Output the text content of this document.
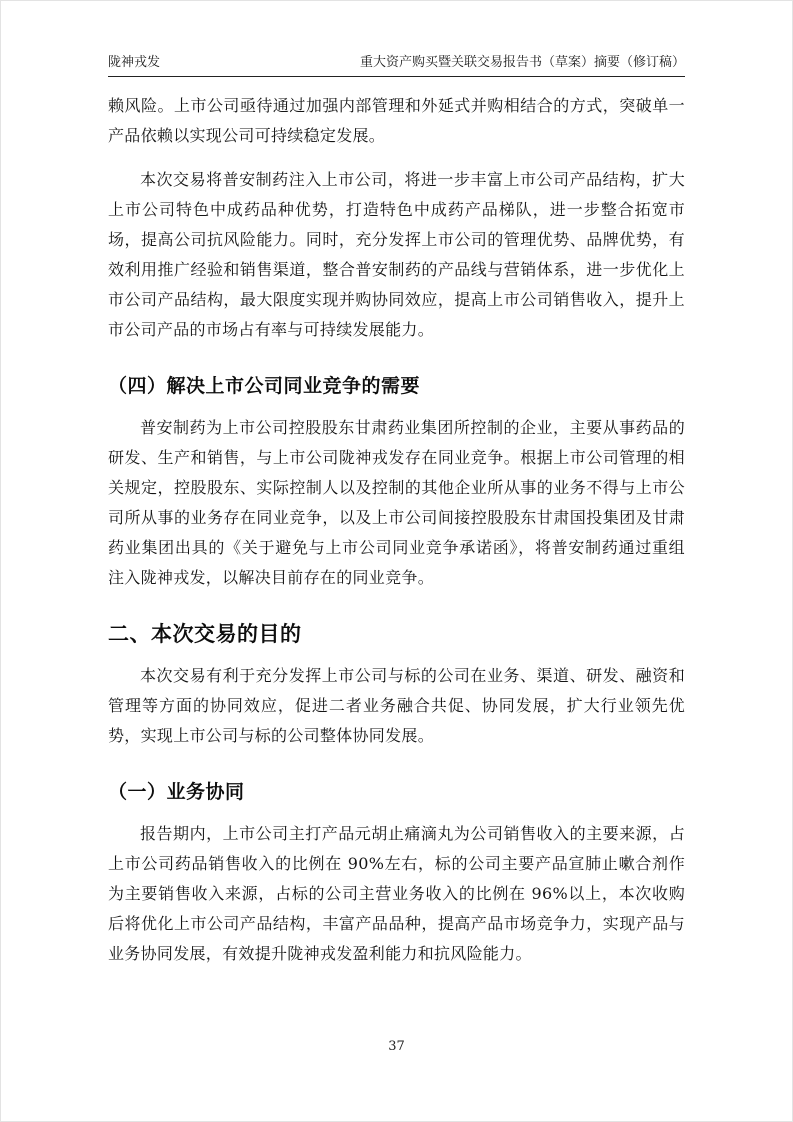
陇神戎发	重大资产购买暨关联交易报告书（草案）摘要（修订稿）

赖风险。上市公司亟待通过加强内部管理和外延式并购相结合的方式，突破单一产品依赖以实现公司可持续稳定发展。

本次交易将普安制药注入上市公司，将进一步丰富上市公司产品结构，扩大上市公司特色中成药品种优势，打造特色中成药产品梯队，进一步整合拓宽市场，提高公司抗风险能力。同时，充分发挥上市公司的管理优势、品牌优势，有效利用推广经验和销售渠道，整合普安制药的产品线与营销体系，进一步优化上市公司产品结构，最大限度实现并购协同效应，提高上市公司销售收入，提升上市公司产品的市场占有率与可持续发展能力。

（四）解决上市公司同业竞争的需要

普安制药为上市公司控股股东甘肃药业集团所控制的企业，主要从事药品的研发、生产和销售，与上市公司陇神戎发存在同业竞争。根据上市公司管理的相关规定，控股股东、实际控制人以及控制的其他企业所从事的业务不得与上市公司所从事的业务存在同业竞争，以及上市公司间接控股股东甘肃国投集团及甘肃药业集团出具的《关于避免与上市公司同业竞争承诺函》，将普安制药通过重组注入陇神戎发，以解决目前存在的同业竞争。

二、本次交易的目的

本次交易有利于充分发挥上市公司与标的公司在业务、渠道、研发、融资和管理等方面的协同效应，促进二者业务融合共促、协同发展，扩大行业领先优势，实现上市公司与标的公司整体协同发展。

（一）业务协同

报告期内，上市公司主打产品元胡止痛滴丸为公司销售收入的主要来源，占上市公司药品销售收入的比例在 90%左右，标的公司主要产品宣肺止嗽合剂作为主要销售收入来源，占标的公司主营业务收入的比例在 96%以上，本次收购后将优化上市公司产品结构，丰富产品品种，提高产品市场竞争力，实现产品与业务协同发展，有效提升陇神戎发盈利能力和抗风险能力。

37
